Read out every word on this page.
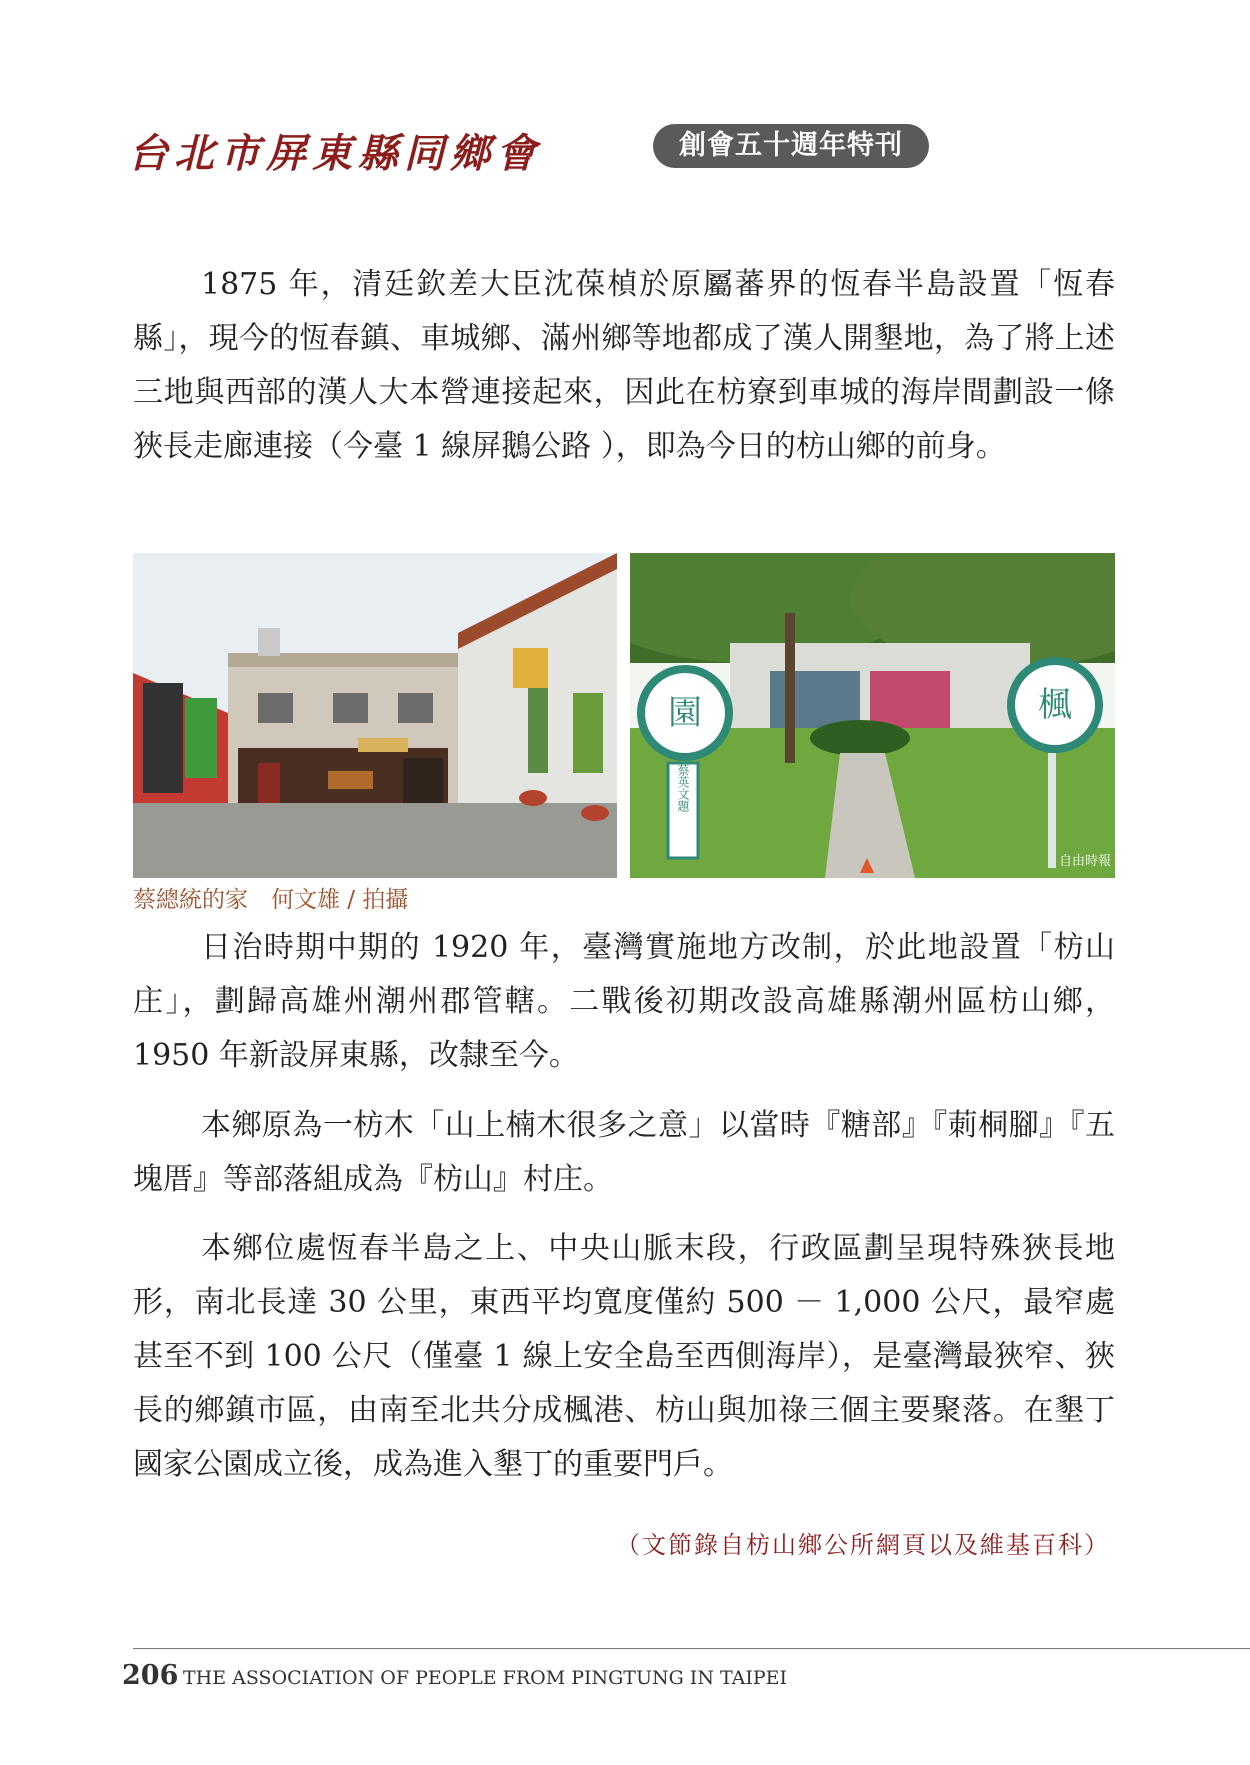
台北市屏東縣同鄉會	創會五十週年特刊

1875 年，清廷欽差大臣沈葆楨於原屬蕃界的恆春半島設置「恆春縣」，現今的恆春鎮、車城鄉、滿州鄉等地都成了漢人開墾地，為了將上述三地與西部的漢人大本營連接起來，因此在枋寮到車城的海岸間劃設一條狹長走廊連接（今臺 1 線屏鵝公路 ），即為今日的枋山鄉的前身。

園	楓
蔡英文題
自由時報
蔡總統的家　何文雄 / 拍攝

日治時期中期的 1920 年，臺灣實施地方改制，於此地設置「枋山庄」，劃歸高雄州潮州郡管轄。二戰後初期改設高雄縣潮州區枋山鄉，1950 年新設屏東縣，改隸至今。

本鄉原為一枋木「山上楠木很多之意」以當時『糖部』『莿桐腳』『五塊厝』等部落組成為『枋山』村庄。

本鄉位處恆春半島之上、中央山脈末段，行政區劃呈現特殊狹長地形，南北長達 30 公里，東西平均寬度僅約 500 － 1,000 公尺，最窄處甚至不到 100 公尺（僅臺 1 線上安全島至西側海岸），是臺灣最狹窄、狹長的鄉鎮市區，由南至北共分成楓港、枋山與加祿三個主要聚落。在墾丁國家公園成立後，成為進入墾丁的重要門戶。

（文節錄自枋山鄉公所網頁以及維基百科）
206 THE ASSOCIATION OF PEOPLE FROM PINGTUNG IN TAIPEI
